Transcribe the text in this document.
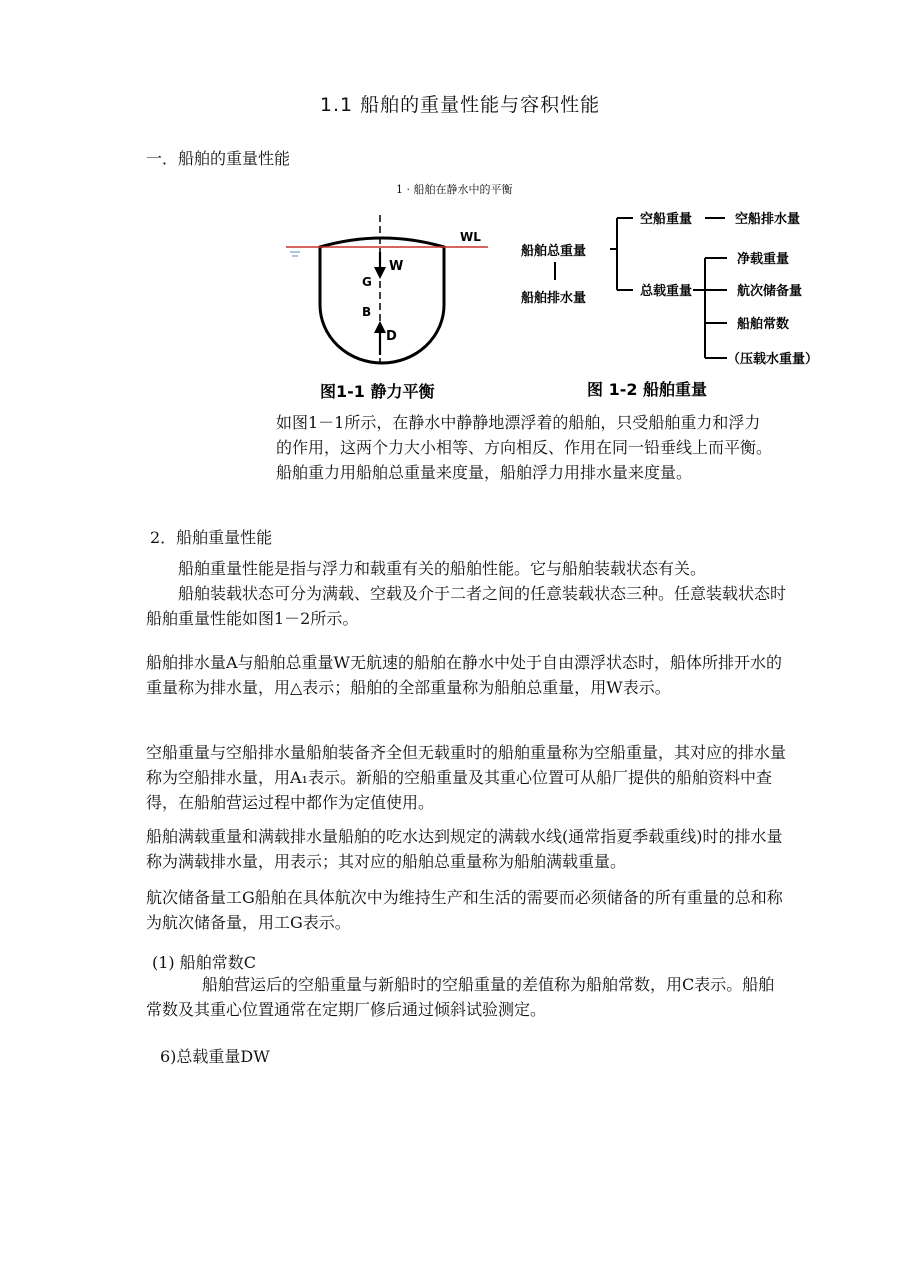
1.1 船舶的重量性能与容积性能
一．船舶的重量性能
1 · 船舶在静水中的平衡
WL
W
G
B
D
图1-1 静力平衡
船舶总重量
船舶排水量
空船重量	空船排水量
总载重量
净载重量
航次储备量
船舶常数
（压载水重量）
图 1-2 船舶重量

如图1－1所示，在静水中静静地漂浮着的船舶，只受船舶重力和浮力的作用，这两个力大小相等、方向相反、作用在同一铅垂线上而平衡。船舶重力用船舶总重量来度量，船舶浮力用排水量来度量。

2．船舶重量性能

船舶重量性能是指与浮力和载重有关的船舶性能。它与船舶装载状态有关。

船舶装载状态可分为满载、空载及介于二者之间的任意装载状态三种。任意装载状态时船舶重量性能如图1－2所示。

船舶排水量A与船舶总重量W无航速的船舶在静水中处于自由漂浮状态时，船体所排开水的重量称为排水量，用△表示；船舶的全部重量称为船舶总重量，用W表示。

空船重量与空船排水量船舶装备齐全但无载重时的船舶重量称为空船重量，其对应的排水量称为空船排水量，用A₁表示。新船的空船重量及其重心位置可从船厂提供的船舶资料中查得，在船舶营运过程中都作为定值使用。

船舶满载重量和满载排水量船舶的吃水达到规定的满载水线(通常指夏季载重线)时的排水量称为满载排水量，用表示；其对应的船舶总重量称为船舶满载重量。

航次储备量工G船舶在具体航次中为维持生产和生活的需要而必须储备的所有重量的总和称为航次储备量，用工G表示。

(1) 船舶常数C

船舶营运后的空船重量与新船时的空船重量的差值称为船舶常数，用C表示。船舶常数及其重心位置通常在定期厂修后通过倾斜试验测定。

6)总载重量DW
